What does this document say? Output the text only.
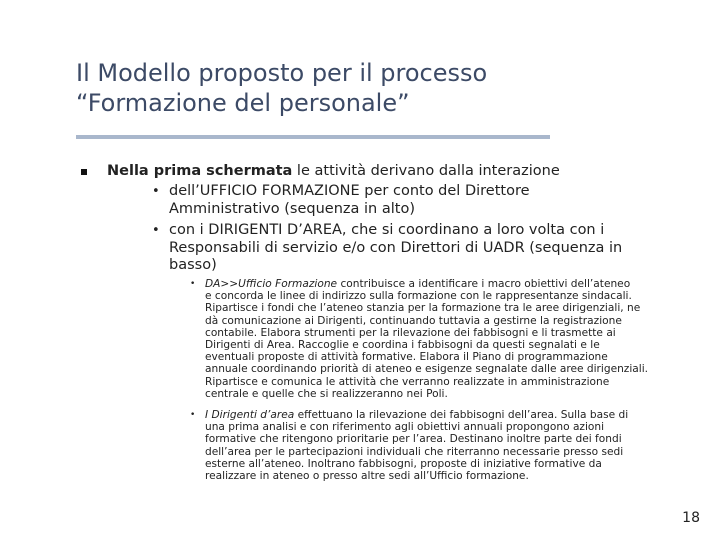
Il Modello proposto per il processo
“Formazione del personale”
Nella prima schermata le attività derivano dalla interazione
• dell’UFFICIO FORMAZIONE per conto del Direttore
Amministrativo (sequenza in alto)
• con i DIRIGENTI D’AREA, che si coordinano a loro volta con i
Responsabili di servizio e/o con Direttori di UADR (sequenza in
basso)
• DA>>Ufficio Formazione contribuisce a identificare i macro obiettivi dell’ateneo
e concorda le linee di indirizzo sulla formazione con le rappresentanze sindacali.
Ripartisce i fondi che l’ateneo stanzia per la formazione tra le aree dirigenziali, ne
dà comunicazione ai Dirigenti, continuando tuttavia a gestirne la registrazione
contabile. Elabora strumenti per la rilevazione dei fabbisogni e li trasmette ai
Dirigenti di Area. Raccoglie e coordina i fabbisogni da questi segnalati e le
eventuali proposte di attività formative. Elabora il Piano di programmazione
annuale coordinando priorità di ateneo e esigenze segnalate dalle aree dirigenziali.
Ripartisce e comunica le attività che verranno realizzate in amministrazione
centrale e quelle che si realizzeranno nei Poli.
• I Dirigenti d’area effettuano la rilevazione dei fabbisogni dell’area. Sulla base di
una prima analisi e con riferimento agli obiettivi annuali propongono azioni
formative che ritengono prioritarie per l’area. Destinano inoltre parte dei fondi
dell’area per le partecipazioni individuali che riterranno necessarie presso sedi
esterne all’ateneo. Inoltrano fabbisogni, proposte di iniziative formative da
realizzare in ateneo o presso altre sedi all’Ufficio formazione.
18
